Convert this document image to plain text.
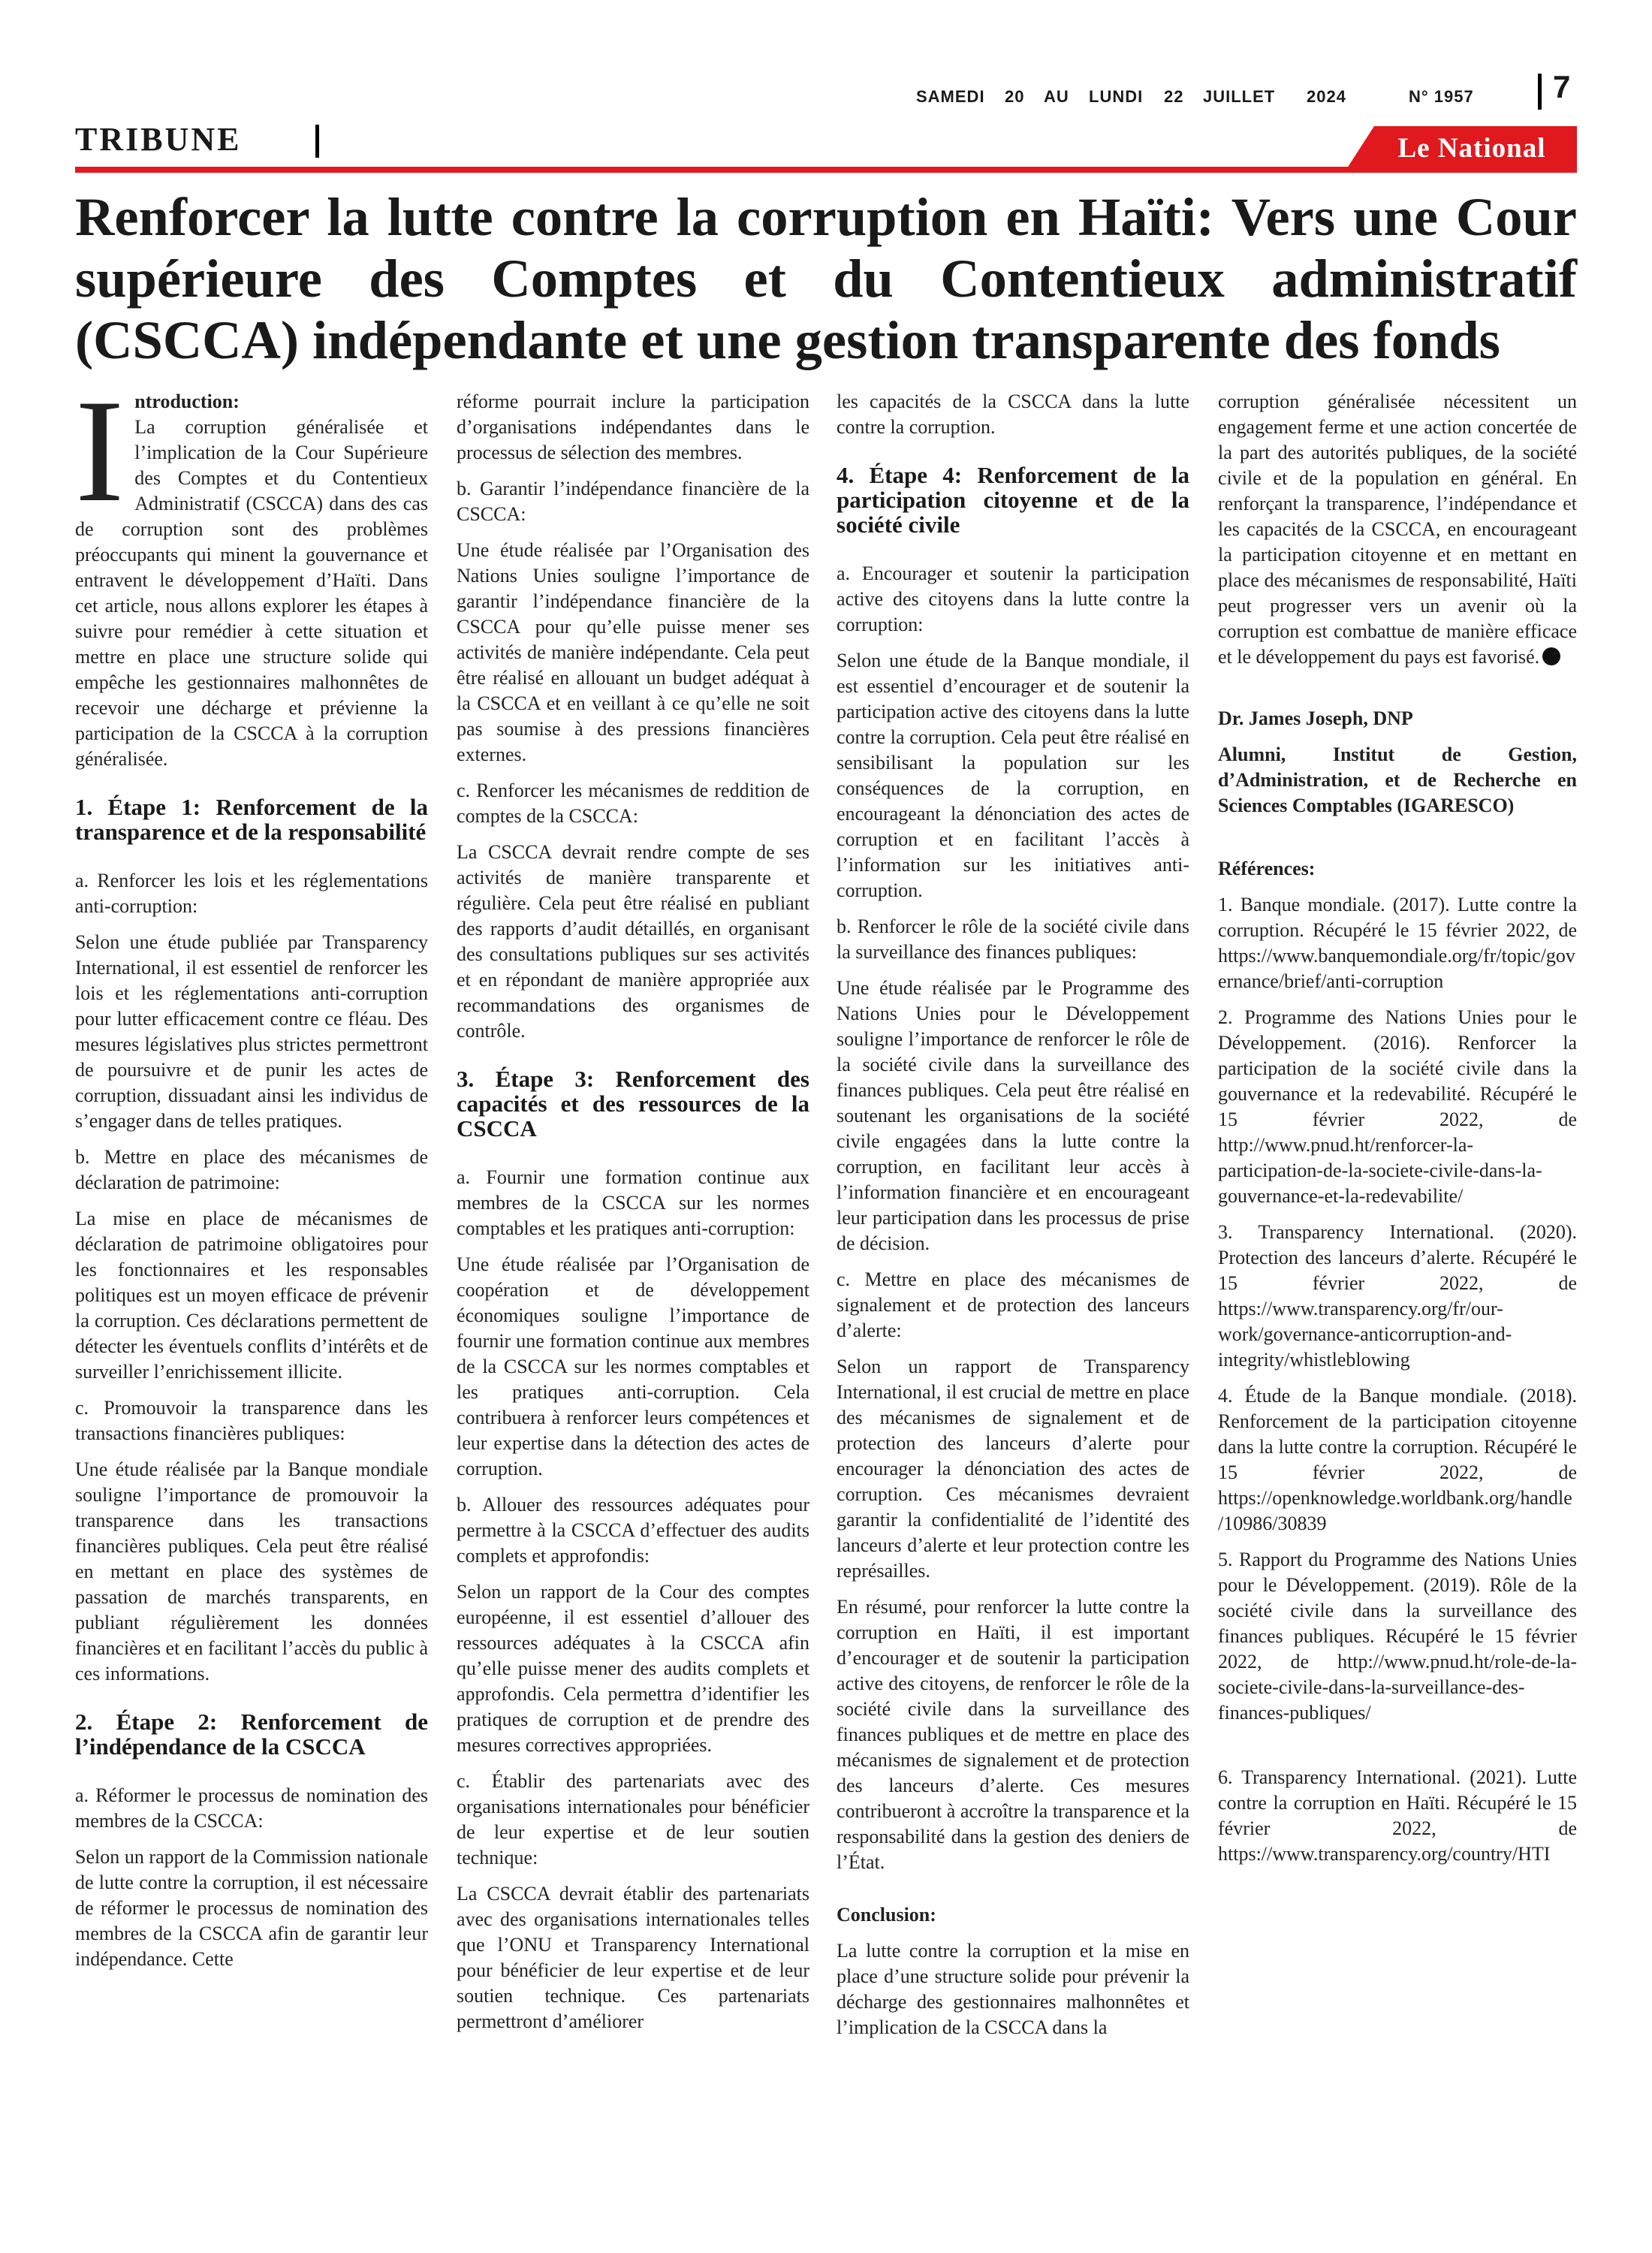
SAMEDI 20 AU LUNDI 22 JUILLET 2024	N° 1957	7
TRIBUNE	Le National
Renforcer la lutte contre la corruption en Haïti: Vers une Cour supérieure des Comptes et du Contentieux administratif (CSCCA) indépendante et une gestion transparente des fonds

I ntroduction:
La corruption généralisée et l’implication de la Cour Supérieure des Comptes et du Contentieux Administratif (CSCCA) dans des cas de corruption sont des problèmes préoccupants qui minent la gouvernance et entravent le développement d’Haïti. Dans cet article, nous allons explorer les étapes à suivre pour remédier à cette situation et mettre en place une structure solide qui empêche les gestionnaires malhonnêtes de recevoir une décharge et prévienne la participation de la CSCCA à la corruption généralisée.

1. Étape 1: Renforcement de la transparence et de la responsabilité

a. Renforcer les lois et les réglementations anti-corruption:

Selon une étude publiée par Transparency International, il est essentiel de renforcer les lois et les réglementations anti-corruption pour lutter efficacement contre ce fléau. Des mesures législatives plus strictes permettront de poursuivre et de punir les actes de corruption, dissuadant ainsi les individus de s’engager dans de telles pratiques.

b. Mettre en place des mécanismes de déclaration de patrimoine:

La mise en place de mécanismes de déclaration de patrimoine obligatoires pour les fonctionnaires et les responsables politiques est un moyen efficace de prévenir la corruption. Ces déclarations permettent de détecter les éventuels conflits d’intérêts et de surveiller l’enrichissement illicite.

c. Promouvoir la transparence dans les transactions financières publiques:

Une étude réalisée par la Banque mondiale souligne l’importance de promouvoir la transparence dans les transactions financières publiques. Cela peut être réalisé en mettant en place des systèmes de passation de marchés transparents, en publiant régulièrement les données financières et en facilitant l’accès du public à ces informations.

2. Étape 2: Renforcement de l’indépendance de la CSCCA

a. Réformer le processus de nomination des membres de la CSCCA:

Selon un rapport de la Commission nationale de lutte contre la corruption, il est nécessaire de réformer le processus de nomination des membres de la CSCCA afin de garantir leur indépendance. Cette

réforme pourrait inclure la participation d’organisations indépendantes dans le processus de sélection des membres.

b. Garantir l’indépendance financière de la CSCCA:

Une étude réalisée par l’Organisation des Nations Unies souligne l’importance de garantir l’indépendance financière de la CSCCA pour qu’elle puisse mener ses activités de manière indépendante. Cela peut être réalisé en allouant un budget adéquat à la CSCCA et en veillant à ce qu’elle ne soit pas soumise à des pressions financières externes.

c. Renforcer les mécanismes de reddition de comptes de la CSCCA:

La CSCCA devrait rendre compte de ses activités de manière transparente et régulière. Cela peut être réalisé en publiant des rapports d’audit détaillés, en organisant des consultations publiques sur ses activités et en répondant de manière appropriée aux recommandations des organismes de contrôle.

3. Étape 3: Renforcement des capacités et des ressources de la CSCCA

a. Fournir une formation continue aux membres de la CSCCA sur les normes comptables et les pratiques anti-corruption:

Une étude réalisée par l’Organisation de coopération et de développement économiques souligne l’importance de fournir une formation continue aux membres de la CSCCA sur les normes comptables et les pratiques anti-corruption. Cela contribuera à renforcer leurs compétences et leur expertise dans la détection des actes de corruption.

b. Allouer des ressources adéquates pour permettre à la CSCCA d’effectuer des audits complets et approfondis:

Selon un rapport de la Cour des comptes européenne, il est essentiel d’allouer des ressources adéquates à la CSCCA afin qu’elle puisse mener des audits complets et approfondis. Cela permettra d’identifier les pratiques de corruption et de prendre des mesures correctives appropriées.

c. Établir des partenariats avec des organisations internationales pour bénéficier de leur expertise et de leur soutien technique:

La CSCCA devrait établir des partenariats avec des organisations internationales telles que l’ONU et Transparency International pour bénéficier de leur expertise et de leur soutien technique. Ces partenariats permettront d’améliorer

les capacités de la CSCCA dans la lutte contre la corruption.

4. Étape 4: Renforcement de la participation citoyenne et de la société civile

a. Encourager et soutenir la participation active des citoyens dans la lutte contre la corruption:

Selon une étude de la Banque mondiale, il est essentiel d’encourager et de soutenir la participation active des citoyens dans la lutte contre la corruption. Cela peut être réalisé en sensibilisant la population sur les conséquences de la corruption, en encourageant la dénonciation des actes de corruption et en facilitant l’accès à l’information sur les initiatives anti-corruption.

b. Renforcer le rôle de la société civile dans la surveillance des finances publiques:

Une étude réalisée par le Programme des Nations Unies pour le Développement souligne l’importance de renforcer le rôle de la société civile dans la surveillance des finances publiques. Cela peut être réalisé en soutenant les organisations de la société civile engagées dans la lutte contre la corruption, en facilitant leur accès à l’information financière et en encourageant leur participation dans les processus de prise de décision.

c. Mettre en place des mécanismes de signalement et de protection des lanceurs d’alerte:

Selon un rapport de Transparency International, il est crucial de mettre en place des mécanismes de signalement et de protection des lanceurs d’alerte pour encourager la dénonciation des actes de corruption. Ces mécanismes devraient garantir la confidentialité de l’identité des lanceurs d’alerte et leur protection contre les représailles.

En résumé, pour renforcer la lutte contre la corruption en Haïti, il est important d’encourager et de soutenir la participation active des citoyens, de renforcer le rôle de la société civile dans la surveillance des finances publiques et de mettre en place des mécanismes de signalement et de protection des lanceurs d’alerte. Ces mesures contribueront à accroître la transparence et la responsabilité dans la gestion des deniers de l’État.

Conclusion:

La lutte contre la corruption et la mise en place d’une structure solide pour prévenir la décharge des gestionnaires malhonnêtes et l’implication de la CSCCA dans la

corruption généralisée nécessitent un engagement ferme et une action concertée de la part des autorités publiques, de la société civile et de la population en général. En renforçant la transparence, l’indépendance et les capacités de la CSCCA, en encourageant la participation citoyenne et en mettant en place des mécanismes de responsabilité, Haïti peut progresser vers un avenir où la corruption est combattue de manière efficace et le développement du pays est favorisé.

Dr. James Joseph, DNP

Alumni, Institut de Gestion, d’Administration, et de Recherche en Sciences Comptables (IGARESCO)

Références:

1. Banque mondiale. (2017). Lutte contre la corruption. Récupéré le 15 février 2022, de https://www.banquemondiale.org/fr/topic/governance/brief/anti-corruption

2. Programme des Nations Unies pour le Développement. (2016). Renforcer la participation de la société civile dans la gouvernance et la redevabilité. Récupéré le 15 février 2022, de http://www.pnud.ht/renforcer-la-participation-de-la-societe-civile-dans-la-gouvernance-et-la-redevabilite/

3. Transparency International. (2020). Protection des lanceurs d’alerte. Récupéré le 15 février 2022, de https://www.transparency.org/fr/our-work/governance-anticorruption-and-integrity/whistleblowing

4. Étude de la Banque mondiale. (2018). Renforcement de la participation citoyenne dans la lutte contre la corruption. Récupéré le 15 février 2022, de https://openknowledge.worldbank.org/handle/10986/30839

5. Rapport du Programme des Nations Unies pour le Développement. (2019). Rôle de la société civile dans la surveillance des finances publiques. Récupéré le 15 février 2022, de http://www.pnud.ht/role-de-la-societe-civile-dans-la-surveillance-des-finances-publiques/

6. Transparency International. (2021). Lutte contre la corruption en Haïti. Récupéré le 15 février 2022, de https://www.transparency.org/country/HTI
